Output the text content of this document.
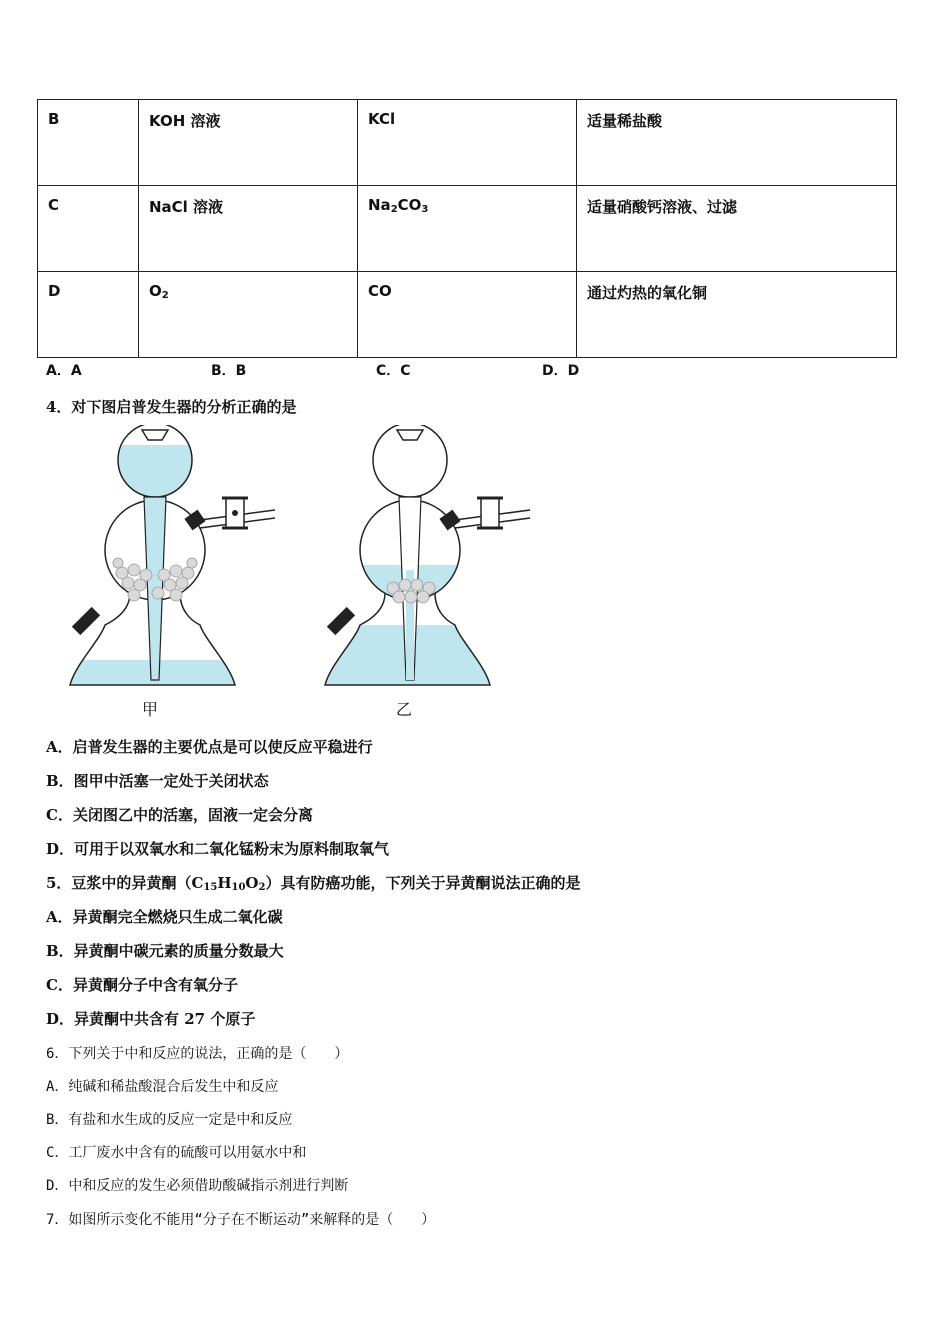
B	KOH 溶液	KCl	适量稀盐酸
C	NaCl 溶液	$Na_2CO_3$	适量硝酸钙溶液、过滤
D	$O_2$	CO	通过灼热的氧化铜
A．A	B．B	C．C	D．D
4．对下图启普发生器的分析正确的是
甲	乙
A．启普发生器的主要优点是可以使反应平稳进行
B．图甲中活塞一定处于关闭状态
C．关闭图乙中的活塞，固液一定会分离
D．可用于以双氧水和二氧化锰粉末为原料制取氧气
5．豆浆中的异黄酮$(C_{15}H_{10}O_2)$具有防癌功能，下列关于异黄酮说法正确的是
A．异黄酮完全燃烧只生成二氧化碳
B．异黄酮中碳元素的质量分数最大
C．异黄酮分子中含有氧分子
D．异黄酮中共含有 27 个原子
6．下列关于中和反应的说法，正确的是（　　）
A．纯碱和稀盐酸混合后发生中和反应
B．有盐和水生成的反应一定是中和反应
C．工厂废水中含有的硫酸可以用氨水中和
D．中和反应的发生必须借助酸碱指示剂进行判断
7．如图所示变化不能用“分子在不断运动”来解释的是（　　）
